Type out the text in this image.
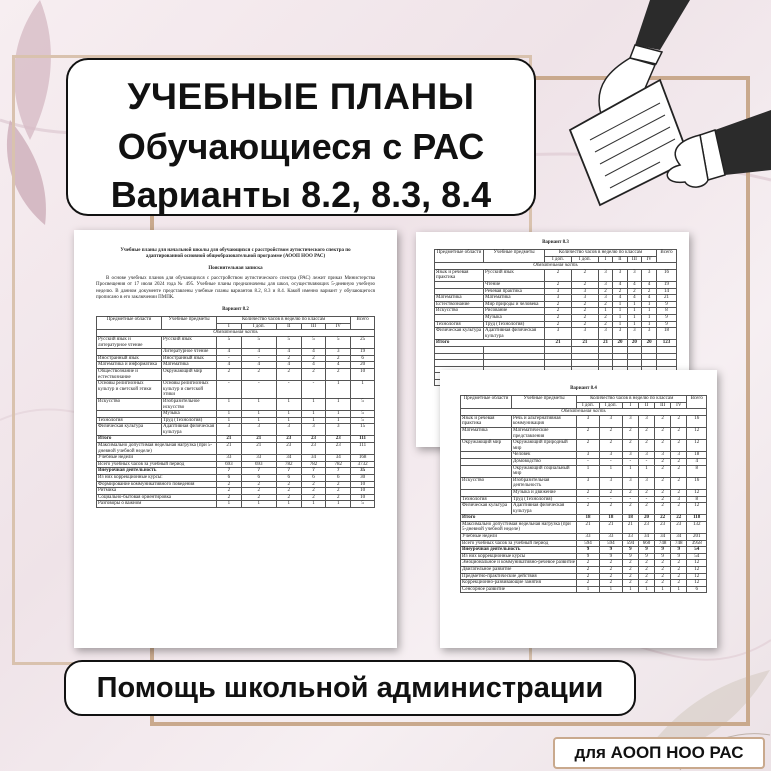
УЧЕБНЫЕ ПЛАНЫ
Обучающиеся с РАС
Варианты 8.2, 8.3, 8.4
Учебные планы для начальной школы для обучающихся с расстройством аутистического спектра по адаптированной основной общеобразовательной программе (АООП НОО РАС)
Пояснительная записка
В основе учебных планов для обучающихся с расстройством аутистического спектра (РАС) лежит приказ Министерства Просвещения от 17 июля 2024 года № 495. Учебные планы предназначены для школ, осуществляющих 5-дневную учебную неделю. В данном документе представлены учебные планы вариантов 8.2, 8.3 и 8.4. Какой именно вариант у обучающегося прописано в его заключении ПМПК.
Вариант 8.2
Предметные области	Учебные предметы	Количество часов в неделю по классам					Всего
		I	I доп.	II	III	IV	
Обязательная часть							
Русский язык и литературное чтение	Русский язык	5	5	5	5	5	25
	Литературное чтение	4	4	4	4	3	19
Иностранный язык	Иностранный язык	-	-	2	2	2	6
Математика и информатика	Математика	4	4	4	4	4	20
Обществознание и естествознание	Окружающий мир	2	2	2	2	2	10
Основы религиозных культур и светской этики	Основы религиозных культур и светской этики	-	-	-	-	1	1
Искусство	Изобразительное искусство	1	1	1	1	1	5
	Музыка	1	1	1	1	1	5
Технология	Труд (Технология)	1	1	1	1	1	5
Физическая культура	Адаптивная физическая культура	3	3	3	3	3	15
Итого		21	21	23	23	23	111
Максимально допустимая недельная нагрузка (при 5-дневной учебной неделе)		21	21	23	23	23	111
Учебные недели		33	33	34	34	34	168
Всего учебных часов за учебный период		693	693	782	782	782	3732
Внеурочная деятельность		7	7	7	7	7	35
Из них коррекционные курсы:		6	6	6	6	6	30
Формирование коммуникативного поведения		2	2	2	2	2	10
Ритмика		2	2	2	2	2	10
Социально-бытовая ориентировка		2	2	2	2	2	10
Разговоры о важном		1	1	1	1	1	5
Вариант 8.3
Предметные области	Учебные предметы	Количество часов в неделю по классам						Всего
		I доп.	I доп.	I	II	III	IV	
Обязательная часть								
Язык и речевая практика	Русский язык	2	2	3	3	3	3	16
	Чтение	2	2	3	4	4	4	19
	Речевая практика	3	3	2	2	2	2	14
Математика	Математика	3	3	3	4	4	4	21
Естествознание	Мир природы и человека	2	2	2	1	1	1	9
Искусство	Рисование	2	2	1	1	1	1	8
	Музыка	2	2	2	1	1	1	9
Технология	Труд (Технология)	2	2	2	1	1	1	9
Физическая культура	Адаптивная физическая культура	3	3	3	3	3	3	18
Итого		21	21	21	20	20	20	123

Вариант 8.4
Предметные области	Учебные предметы	Количество часов в неделю по классам						Всего
		I доп.	I доп.	I	II	III	IV	
Обязательная часть								
Язык и речевая практика	Речь и альтернативная коммуникация	3	3	3	3	2	2	16
Математика	Математические представления	2	2	2	2	2	2	12
Окружающий мир	Окружающий природный мир	2	2	2	2	2	2	12
	Человек	3	3	3	3	3	3	18
	Домоводство	-	-	-	-	2	2	4
	Окружающий социальный мир	1	1	1	1	2	2	8
Искусство	Изобразительная деятельность	3	3	3	3	2	2	16
	Музыка и движение	2	2	2	2	2	2	12
Технология	Труд (Технология)	-	-	-	-	2	3	8
Физическая культура	Адаптивная физическая культура	2	2	2	2	2	2	12
Итого		18	18	18	20	22	22	118
Максимально допустимая недельная нагрузка (при 5-дневной учебной неделе)		21	21	21	23	23	23	132
Учебные недели		33	33	33	34	34	34	201
Всего учебных часов за учебный период		594	594	594	660	748	748	3958
Внеурочная деятельность		9	9	9	9	9	9	54
Из них коррекционные курсы		9	9	9	9	9	9	54
Эмоциональное и коммуникативно-речевое развитие		2	2	2	2	2	2	12
Двигательное развитие		2	2	2	2	2	2	12
Предметно-практические действия		2	2	2	2	2	2	12
Коррекционно-развивающие занятия		2	2	2	2	2	2	12
Сенсорное развитие		1	1	1	1	1	1	6
Помощь школьной администрации
для АООП НОО РАС
